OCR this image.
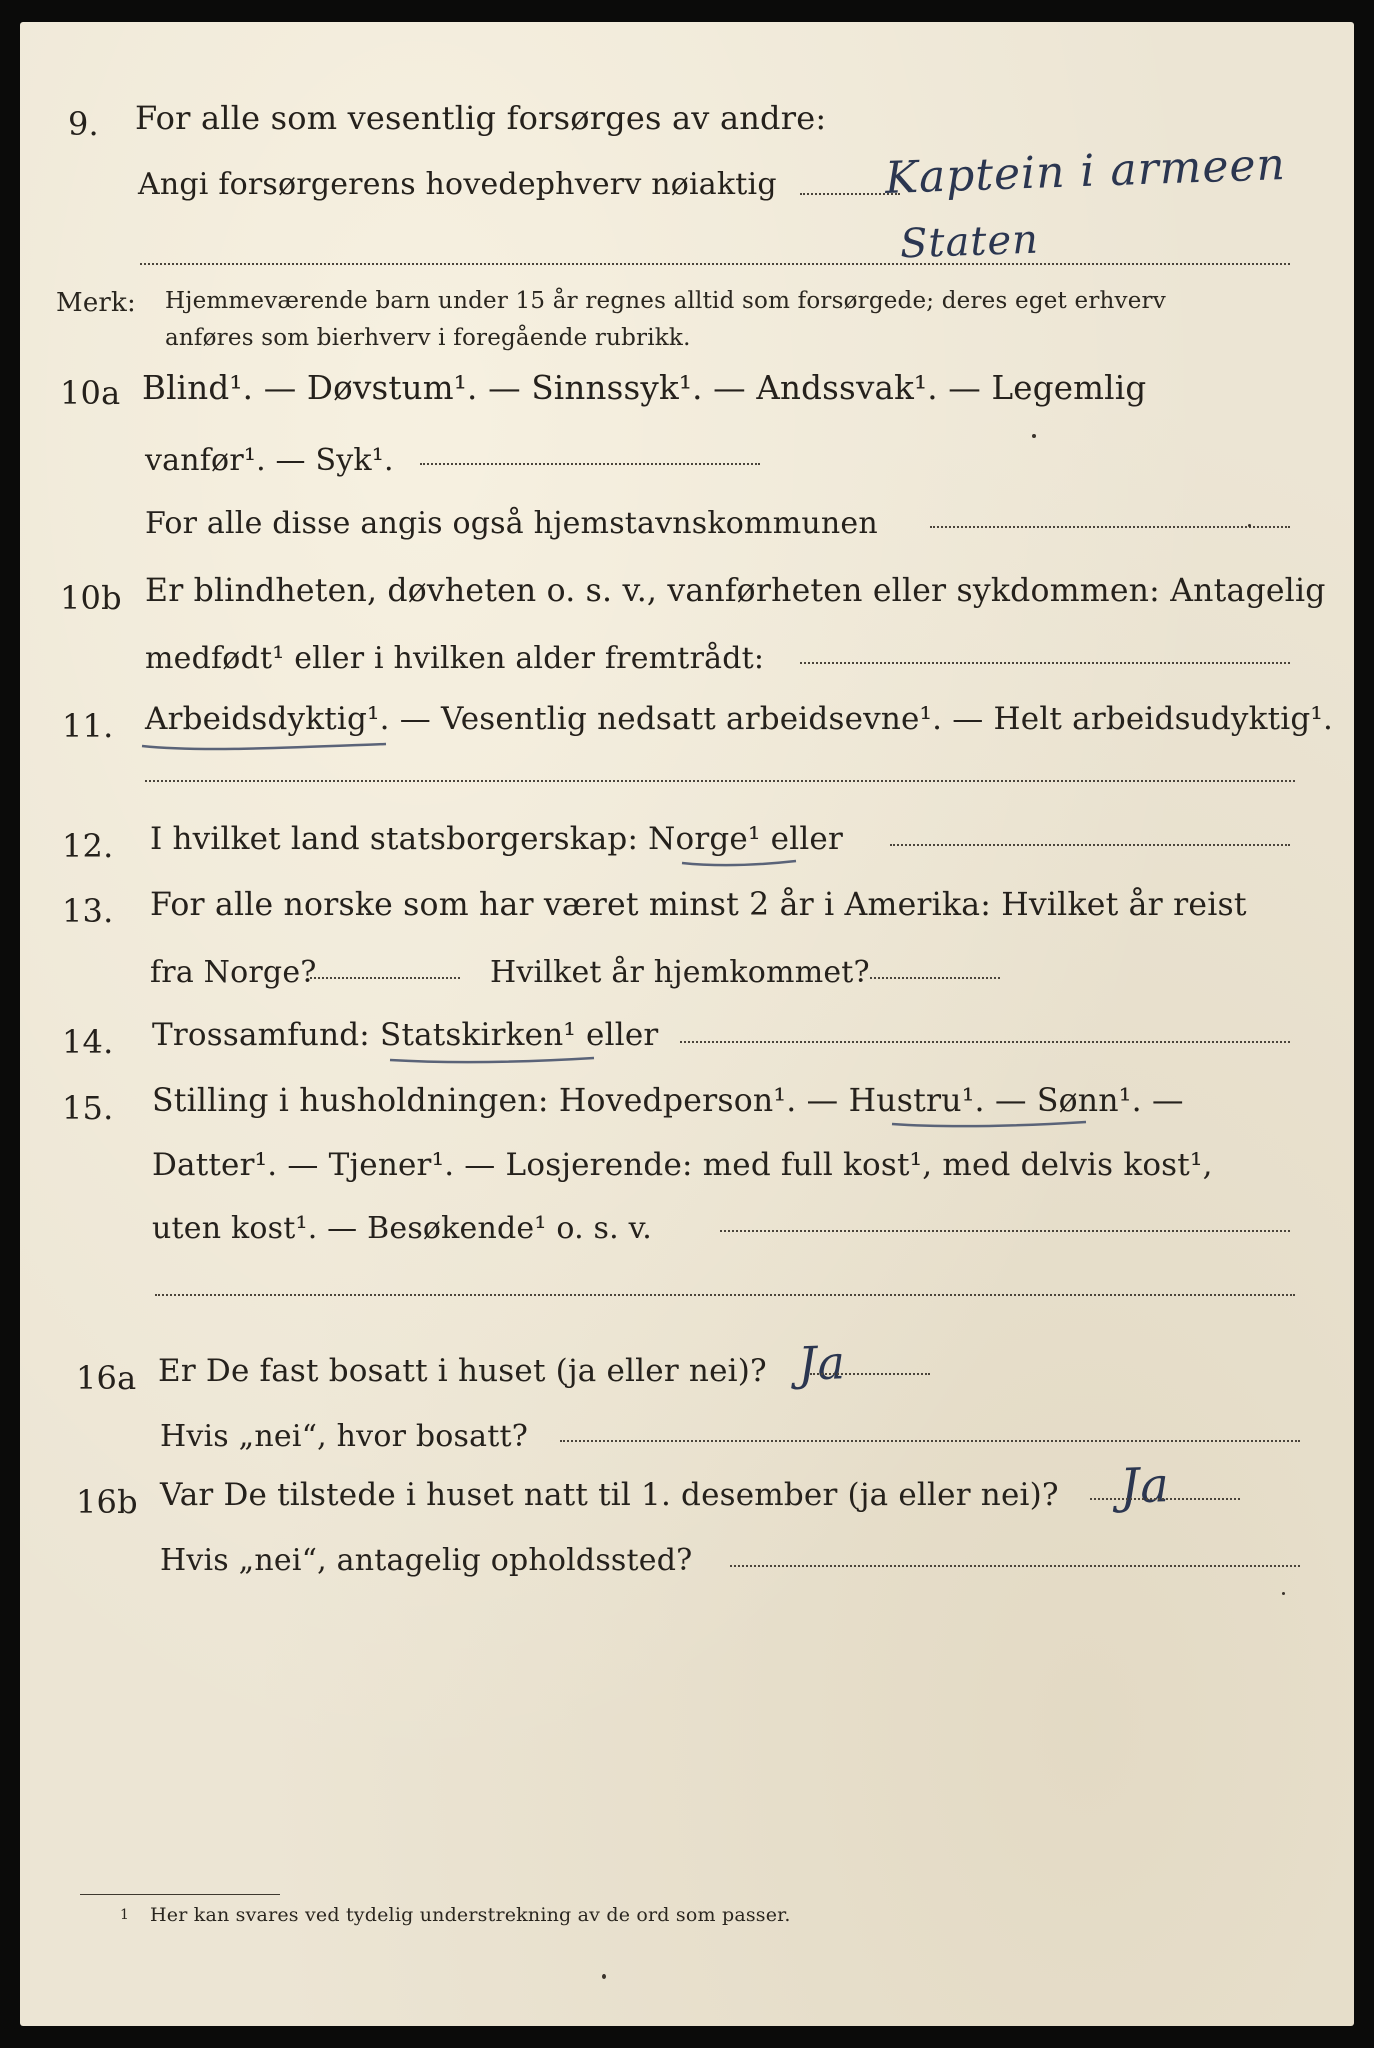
9. For alle som vesentlig forsørges av andre:
Angi forsørgerens hovedерhverv nøiaktig Kaptein i armeen
Staten
Merk: Hjemmeværende barn under 15 år regnes alltid som forsørgede; deres eget erhverv
anføres som bierhverv i foregående rubrikk.
10a Blind¹. — Døvstum¹. — Sinnssyk¹. — Andssvak¹. — Legemlig
vanfør¹. — Syk¹.
For alle disse angis også hjemstavnskommunen
10b Er blindheten, døvheten o. s. v., vanførheten eller sykdommen: Antagelig
medfødt¹ eller i hvilken alder fremtrådt:
11. Arbeidsdyktig¹. — Vesentlig nedsatt arbeidsevne¹. — Helt arbeidsudyktig¹.
12. I hvilket land statsborgerskap: Norge¹ eller
13. For alle norske som har været minst 2 år i Amerika: Hvilket år reist
fra Norge?	Hvilket år hjemkommet?
14. Trossamfund: Statskirken¹ eller
15. Stilling i husholdningen: Hovedperson¹. — Hustru¹. — Sønn¹. —
Datter¹. — Tjener¹. — Losjerende: med full kost¹, med delvis kost¹,
uten kost¹. — Besøkende¹ o. s. v.
16a Er De fast bosatt i huset (ja eller nei)? Ja
Hvis „nei“, hvor bosatt?
16b Var De tilstede i huset natt til 1. desember (ja eller nei)? Ja
Hvis „nei“, antagelig opholdssted?
1 Her kan svares ved tydelig understrekning av de ord som passer.
